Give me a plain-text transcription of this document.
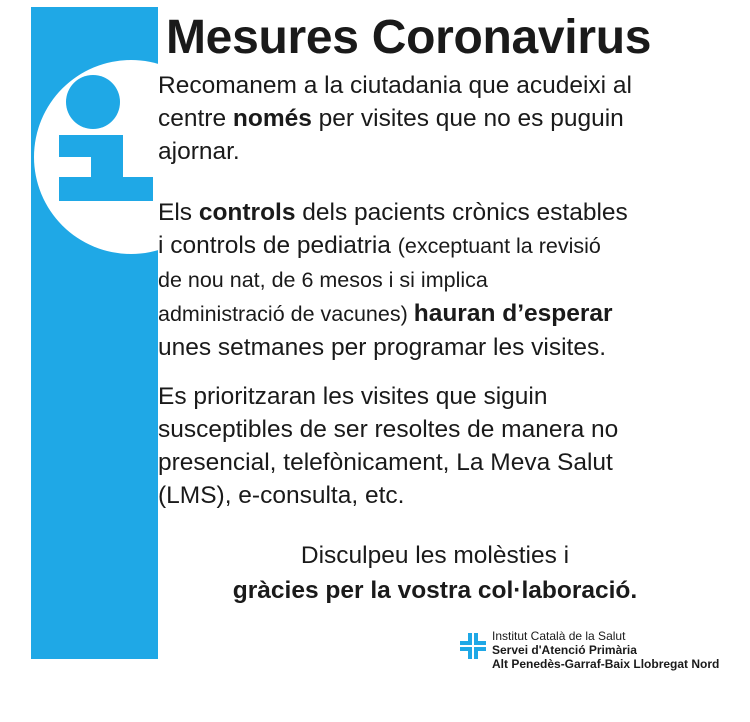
Mesures Coronavirus

Recomanem a la ciutadania que acudeixi al
centre només per visites que no es puguin
ajornar.

Els controls dels pacients crònics estables
i controls de pediatria (exceptuant la revisió
de nou nat, de 6 mesos i si implica
administració de vacunes) hauran d’esperar
unes setmanes per programar les visites.

Es prioritzaran les visites que siguin
susceptibles de ser resoltes de manera no
presencial, telefònicament, La Meva Salut
(LMS), e-consulta, etc.

Disculpeu les molèsties i
gràcies per la vostra col·laboració.
Institut Català de la Salut
Servei d'Atenció Primària
Alt Penedès-Garraf-Baix Llobregat Nord
